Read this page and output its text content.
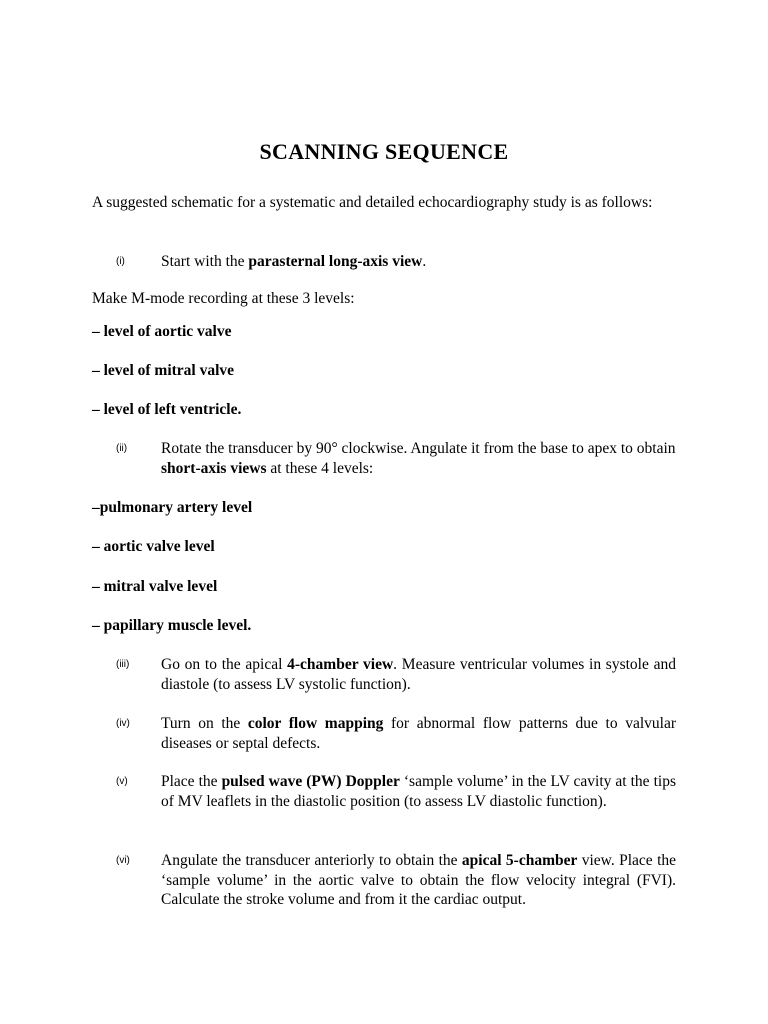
SCANNING SEQUENCE

A suggested schematic for a systematic and detailed echocardiography study is as follows:

(i) Start with the parasternal long-axis view.

Make M-mode recording at these 3 levels:

– level of aortic valve

– level of mitral valve

– level of left ventricle.

(ii) Rotate the transducer by 90° clockwise. Angulate it from the base to apex to obtain short-axis views at these 4 levels:

–pulmonary artery level

– aortic valve level

– mitral valve level

– papillary muscle level.

(iii) Go on to the apical 4-chamber view. Measure ventricular volumes in systole and diastole (to assess LV systolic function).

(iv) Turn on the color flow mapping for abnormal flow patterns due to valvular diseases or septal defects.

(v) Place the pulsed wave (PW) Doppler ‘sample volume’ in the LV cavity at the tips of MV leaflets in the diastolic position (to assess LV diastolic function).

(vi) Angulate the transducer anteriorly to obtain the apical 5-chamber view. Place the ‘sample volume’ in the aortic valve to obtain the flow velocity integral (FVI). Calculate the stroke volume and from it the cardiac output.
